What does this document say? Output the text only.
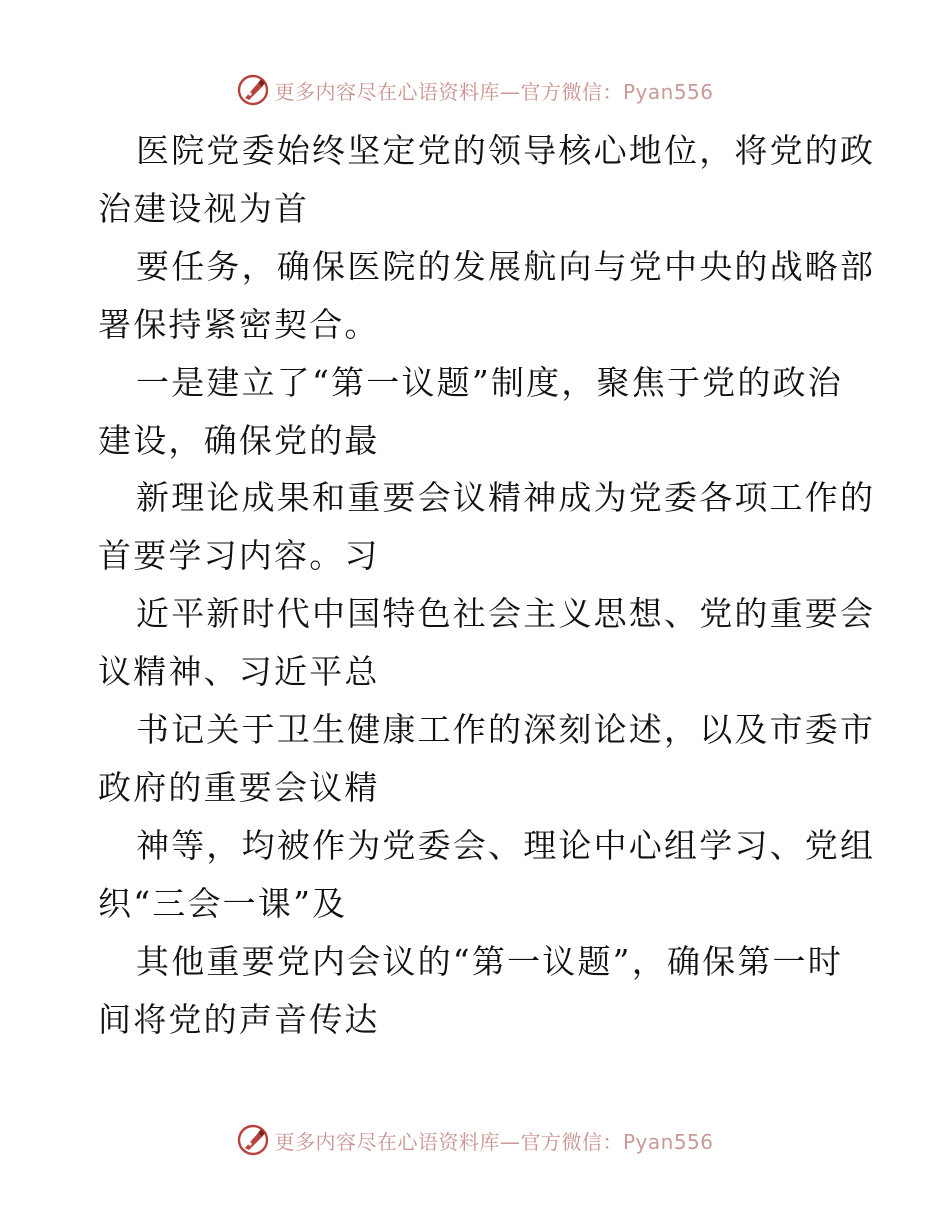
更多内容尽在心语资料库—官方微信：Pyan556
医院党委始终坚定党的领导核心地位，将党的政
治建设视为首
要任务，确保医院的发展航向与党中央的战略部
署保持紧密契合。
一是建立了“第一议题”制度，聚焦于党的政治
建设，确保党的最
新理论成果和重要会议精神成为党委各项工作的
首要学习内容。习
近平新时代中国特色社会主义思想、党的重要会
议精神、习近平总
书记关于卫生健康工作的深刻论述，以及市委市
政府的重要会议精
神等，均被作为党委会、理论中心组学习、党组
织“三会一课”及
其他重要党内会议的“第一议题”，确保第一时
间将党的声音传达
更多内容尽在心语资料库—官方微信：Pyan556
